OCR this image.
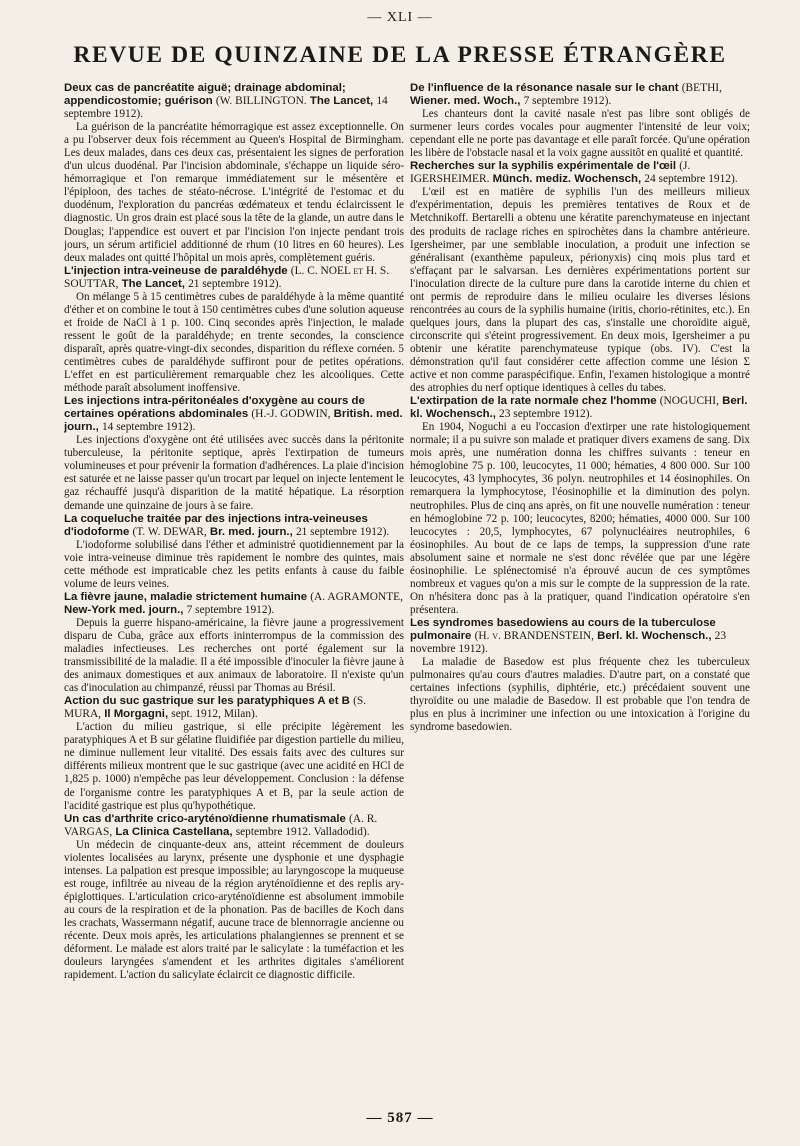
— XLI —
REVUE DE QUINZAINE DE LA PRESSE ÉTRANGÈRE

Deux cas de pancréatite aiguë; drainage abdominal; appendicostomie; guérison (W. BILLINGTON. The Lancet, 14 septembre 1912).

La guérison de la pancréatite hémorragique est assez exceptionnelle. On a pu l'observer deux fois récemment au Queen's Hospital de Birmingham. Les deux malades, dans ces deux cas, présentaient les signes de perforation d'un ulcus duodénal. Par l'incision abdominale, s'échappe un liquide séro-hémorragique et l'on remarque immédiatement sur le mésentère et l'épiploon, des taches de stéato-nécrose. L'intégrité de l'estomac et du duodénum, l'exploration du pancréas œdémateux et tendu éclaircissent le diagnostic. Un gros drain est placé sous la tête de la glande, un autre dans le Douglas; l'appendice est ouvert et par l'incision l'on injecte pendant trois jours, un sérum artificiel additionné de rhum (10 litres en 60 heures). Les deux malades ont quitté l'hôpital un mois après, complètement guéris.

L'injection intra-veineuse de paraldéhyde (L. C. NOEL et H. S. SOUTTAR, The Lancet, 21 septembre 1912).

On mélange 5 à 15 centimètres cubes de paraldéhyde à la même quantité d'éther et on combine le tout à 150 centimètres cubes d'une solution aqueuse et froide de NaCl à 1 p. 100. Cinq secondes après l'injection, le malade ressent le goût de la paraldéhyde; en trente secondes, la conscience disparaît, après quatre-vingt-dix secondes, disparition du réflexe cornéen. 5 centimètres cubes de paraldéhyde suffiront pour de petites opérations. L'effet en est particulièrement remarquable chez les alcooliques. Cette méthode paraît absolument inoffensive.

Les injections intra-péritonéales d'oxygène au cours de certaines opérations abdominales (H.-J. GODWIN, British. med. journ., 14 septembre 1912).

Les injections d'oxygène ont été utilisées avec succès dans la péritonite tuberculeuse, la péritonite septique, après l'extirpation de tumeurs volumineuses et pour prévenir la formation d'adhérences. La plaie d'incision est saturée et ne laisse passer qu'un trocart par lequel on injecte lentement le gaz réchauffé jusqu'à disparition de la matité hépatique. La résorption demande une quinzaine de jours à se faire.

La coqueluche traitée par des injections intra-veineuses d'iodoforme (T. W. DEWAR, Br. med. journ., 21 septembre 1912).

L'iodoforme solubilisé dans l'éther et administré quotidiennement par la voie intra-veineuse diminue très rapidement le nombre des quintes, mais cette méthode est impraticable chez les petits enfants à cause du faible volume de leurs veines.

La fièvre jaune, maladie strictement humaine (A. AGRAMONTE, New-York med. journ., 7 septembre 1912).

Depuis la guerre hispano-américaine, la fièvre jaune a progressivement disparu de Cuba, grâce aux efforts ininterrompus de la commission des maladies infectieuses. Les recherches ont porté également sur la transmissibilité de la maladie. Il a été impossible d'inoculer la fièvre jaune à des animaux domestiques et aux animaux de laboratoire. Il n'existe qu'un cas d'inoculation au chimpanzé, réussi par Thomas au Brésil.

Action du suc gastrique sur les paratyphiques A et B (S. MURA, Il Morgagni, sept. 1912, Milan).

L'action du milieu gastrique, si elle précipite légèrement les paratyphiques A et B sur gélatine fluidifiée par digestion partielle du milieu, ne diminue nullement leur vitalité. Des essais faits avec des cultures sur différents milieux montrent que le suc gastrique (avec une acidité en HCl de 1,825 p. 1000) n'empêche pas leur développement. Conclusion : la défense de l'organisme contre les paratyphiques A et B, par la seule action de l'acidité gastrique est plus qu'hypothétique.

Un cas d'arthrite crico-aryténoïdienne rhumatismale (A. R. VARGAS, La Clinica Castellana, septembre 1912. Valladodid).

Un médecin de cinquante-deux ans, atteint récemment de douleurs violentes localisées au larynx, présente une dysphonie et une dysphagie intenses. La palpation est presque impossible; au laryngoscope la muqueuse est rouge, infiltrée au niveau de la région aryténoïdienne et des replis ary-épiglottiques. L'articulation crico-aryténoïdienne est absolument immobile au cours de la respiration et de la phonation. Pas de bacilles de Koch dans les crachats, Wassermann négatif, aucune trace de blennorragie ancienne ou récente. Deux mois après, les articulations phalangiennes se prennent et se déforment. Le malade est alors traité par le salicylate : la tuméfaction et les douleurs laryngées s'amendent et les arthrites digitales s'améliorent rapidement. L'action du salicylate éclaircit ce diagnostic difficile.

De l'influence de la résonance nasale sur le chant (BETHI, Wiener. med. Woch., 7 septembre 1912).

Les chanteurs dont la cavité nasale n'est pas libre sont obligés de surmener leurs cordes vocales pour augmenter l'intensité de leur voix; cependant elle ne porte pas davantage et elle paraît forcée. Qu'une opération les libère de l'obstacle nasal et la voix gagne aussitôt en qualité et quantité.

Recherches sur la syphilis expérimentale de l'œil (J. IGERSHEIMER. Münch. mediz. Wochensch, 24 septembre 1912).

L'œil est en matière de syphilis l'un des meilleurs milieux d'expérimentation, depuis les premières tentatives de Roux et de Metchnikoff. Bertarelli a obtenu une kératite parenchymateuse en injectant des produits de raclage riches en spirochètes dans la chambre antérieure. Igersheimer, par une semblable inoculation, a produit une infection se généralisant (exanthème papuleux, périonyxis) cinq mois plus tard et s'effaçant par le salvarsan. Les dernières expérimentations portent sur l'inoculation directe de la culture pure dans la carotide interne du chien et ont permis de reproduire dans le milieu oculaire les diverses lésions rencontrées au cours de la syphilis humaine (iritis, chorio-rétinites, etc.). En quelques jours, dans la plupart des cas, s'installe une choroïdite aiguë, circonscrite qui s'éteint progressivement. En deux mois, Igersheimer a pu obtenir une kératite parenchymateuse typique (obs. IV). C'est la démonstration qu'il faut considérer cette affection comme une lésion Σ active et non comme paraspécifique. Enfin, l'examen histologique a montré des atrophies du nerf optique identiques à celles du tabes.

L'extirpation de la rate normale chez l'homme (NOGUCHI, Berl. kl. Wochensch., 23 septembre 1912).

En 1904, Noguchi a eu l'occasion d'extirper une rate histologiquement normale; il a pu suivre son malade et pratiquer divers examens de sang. Dix mois après, une numération donna les chiffres suivants : teneur en hémoglobine 75 p. 100, leucocytes, 11 000; hématies, 4 800 000. Sur 100 leucocytes, 43 lymphocytes, 36 polyn. neutrophiles et 14 éosinophiles. On remarquera la lymphocytose, l'éosinophilie et la diminution des polyn. neutrophiles. Plus de cinq ans après, on fit une nouvelle numération : teneur en hémoglobine 72 p. 100; leucocytes, 8200; hématies, 4000 000. Sur 100 leucocytes : 20,5, lymphocytes, 67 polynucléaires neutrophiles, 6 éosinophiles. Au bout de ce laps de temps, la suppression d'une rate absolument saine et normale ne s'est donc révélée que par une légère éosinophilie. Le splénectomisé n'a éprouvé aucun de ces symptômes nombreux et vagues qu'on a mis sur le compte de la suppression de la rate. On n'hésitera donc pas à la pratiquer, quand l'indication opératoire s'en présentera.

Les syndromes basedowiens au cours de la tuberculose pulmonaire (H. v. BRANDENSTEIN, Berl. kl. Wochensch., 23 novembre 1912).

La maladie de Basedow est plus fréquente chez les tuberculeux pulmonaires qu'au cours d'autres maladies. D'autre part, on a constaté que certaines infections (syphilis, diphtérie, etc.) précédaient souvent une thyroïdite ou une maladie de Basedow. Il est probable que l'on tendra de plus en plus à incriminer une infection ou une intoxication à l'origine du syndrome basedowien.

— 587 —
